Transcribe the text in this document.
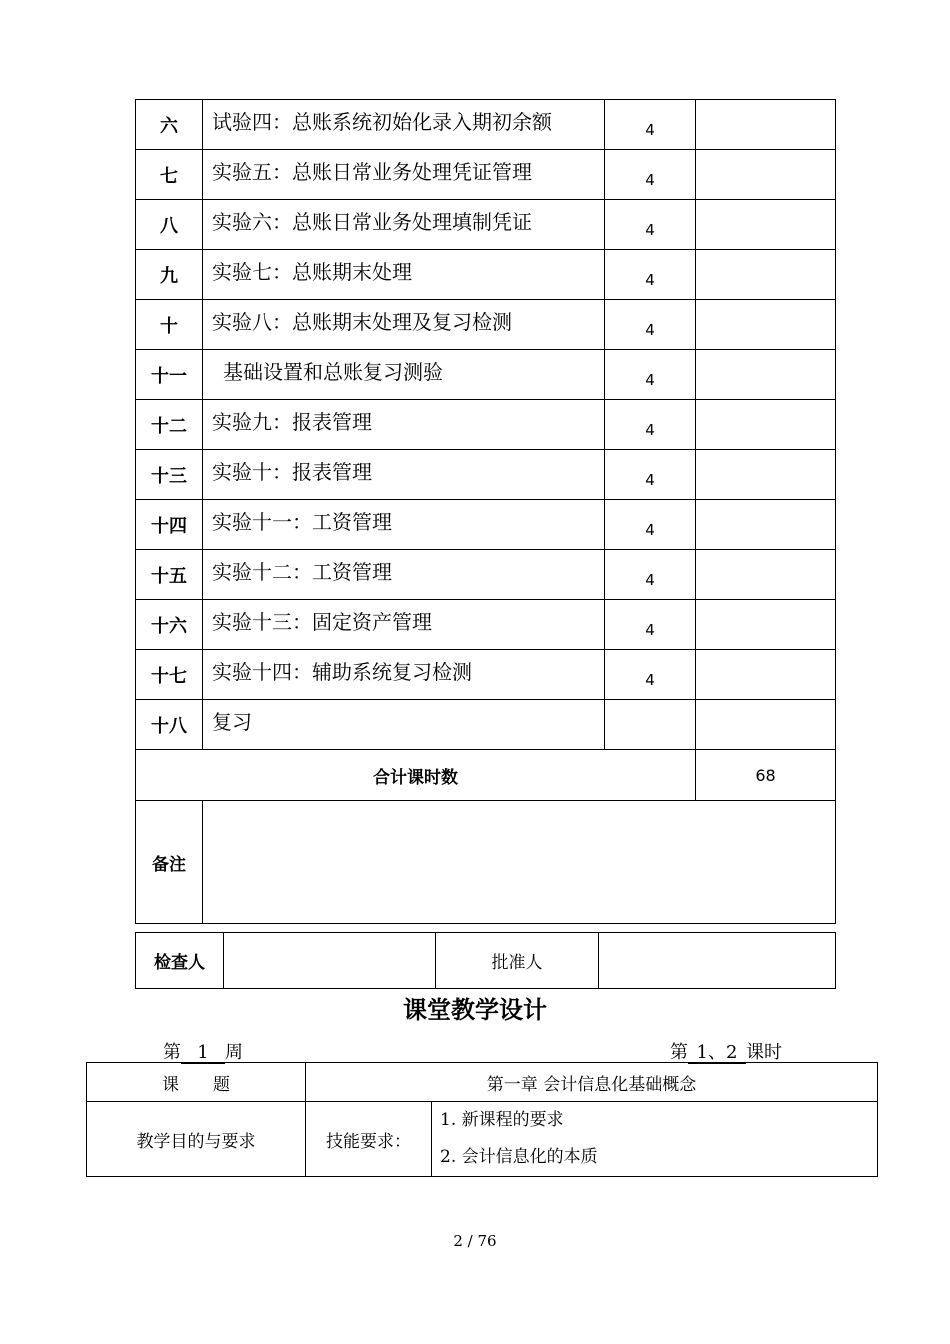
六	试验四：总账系统初始化录入期初余额	4	
七	实验五：总账日常业务处理凭证管理	4	
八	实验六：总账日常业务处理填制凭证	4	
九	实验七：总账期末处理	4	
十	实验八：总账期末处理及复习检测	4	
十一	基础设置和总账复习测验	4	
十二	实验九：报表管理	4	
十三	实验十：报表管理	4	
十四	实验十一：工资管理	4	
十五	实验十二：工资管理	4	
十六	实验十三：固定资产管理	4	
十七	实验十四：辅助系统复习检测	4	
十八	复习		
合计课时数			68
备注			
检查人		批准人	
课堂教学设计
第 1 周	第 1、2 课时
课　　题	第一章 会计信息化基础概念	
教学目的与要求	技能要求：	1. 新课程的要求
2. 会计信息化的本质
2 / 76
